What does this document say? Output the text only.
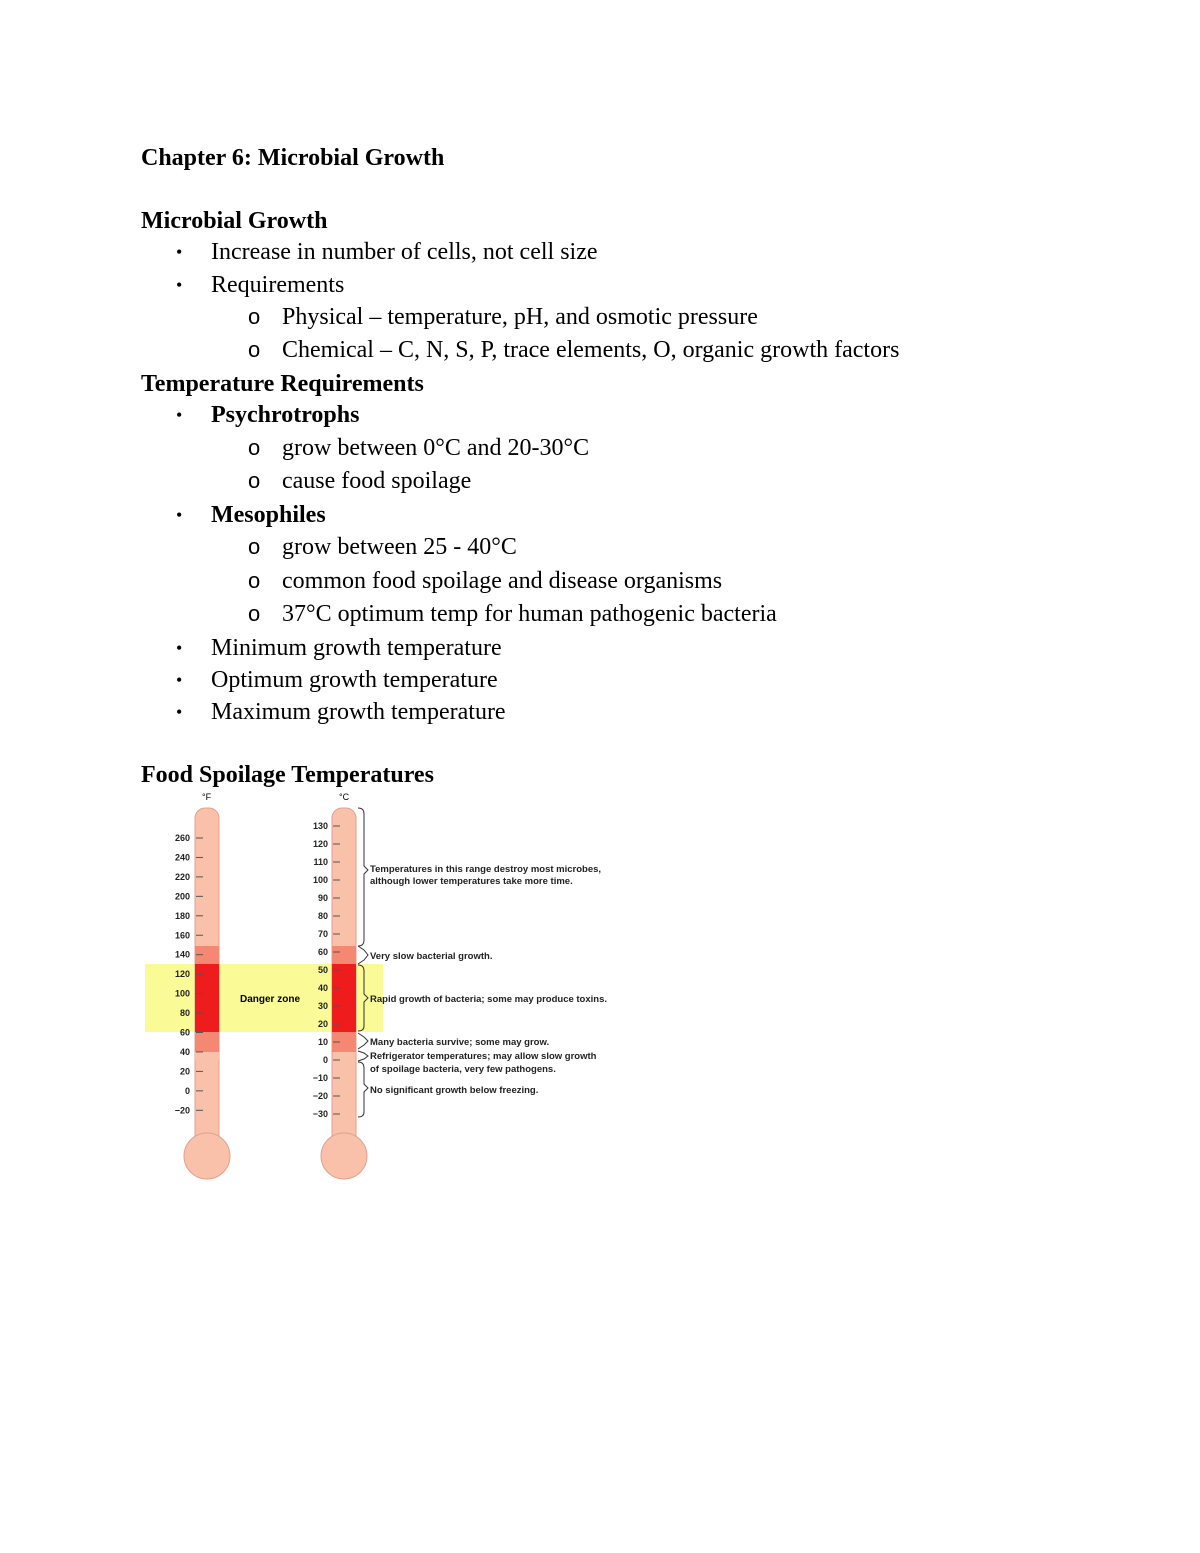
Chapter 6: Microbial Growth
Microbial Growth
• Increase in number of cells, not cell size
• Requirements
o Physical – temperature, pH, and osmotic pressure
o Chemical – C, N, S, P, trace elements, O, organic growth factors
Temperature Requirements
• Psychrotrophs
o grow between 0°C and 20-30°C
o cause food spoilage
• Mesophiles
o grow between 25 - 40°C
o common food spoilage and disease organisms
o 37°C optimum temp for human pathogenic bacteria
• Minimum growth temperature
• Optimum growth temperature
• Maximum growth temperature
Food Spoilage Temperatures
°F
260
240
220
200
180
160
140
120
100
80
60
40
20
0
−20
°C
130
120
110
100
90
80
70
60
50
40
30
20
10
0
−10
−20
−30
Danger zone
Temperatures in this range destroy most microbes,
although lower temperatures take more time.
Very slow bacterial growth.
Rapid growth of bacteria; some may produce toxins.
Many bacteria survive; some may grow.
Refrigerator temperatures; may allow slow growth
of spoilage bacteria, very few pathogens.
No significant growth below freezing.
